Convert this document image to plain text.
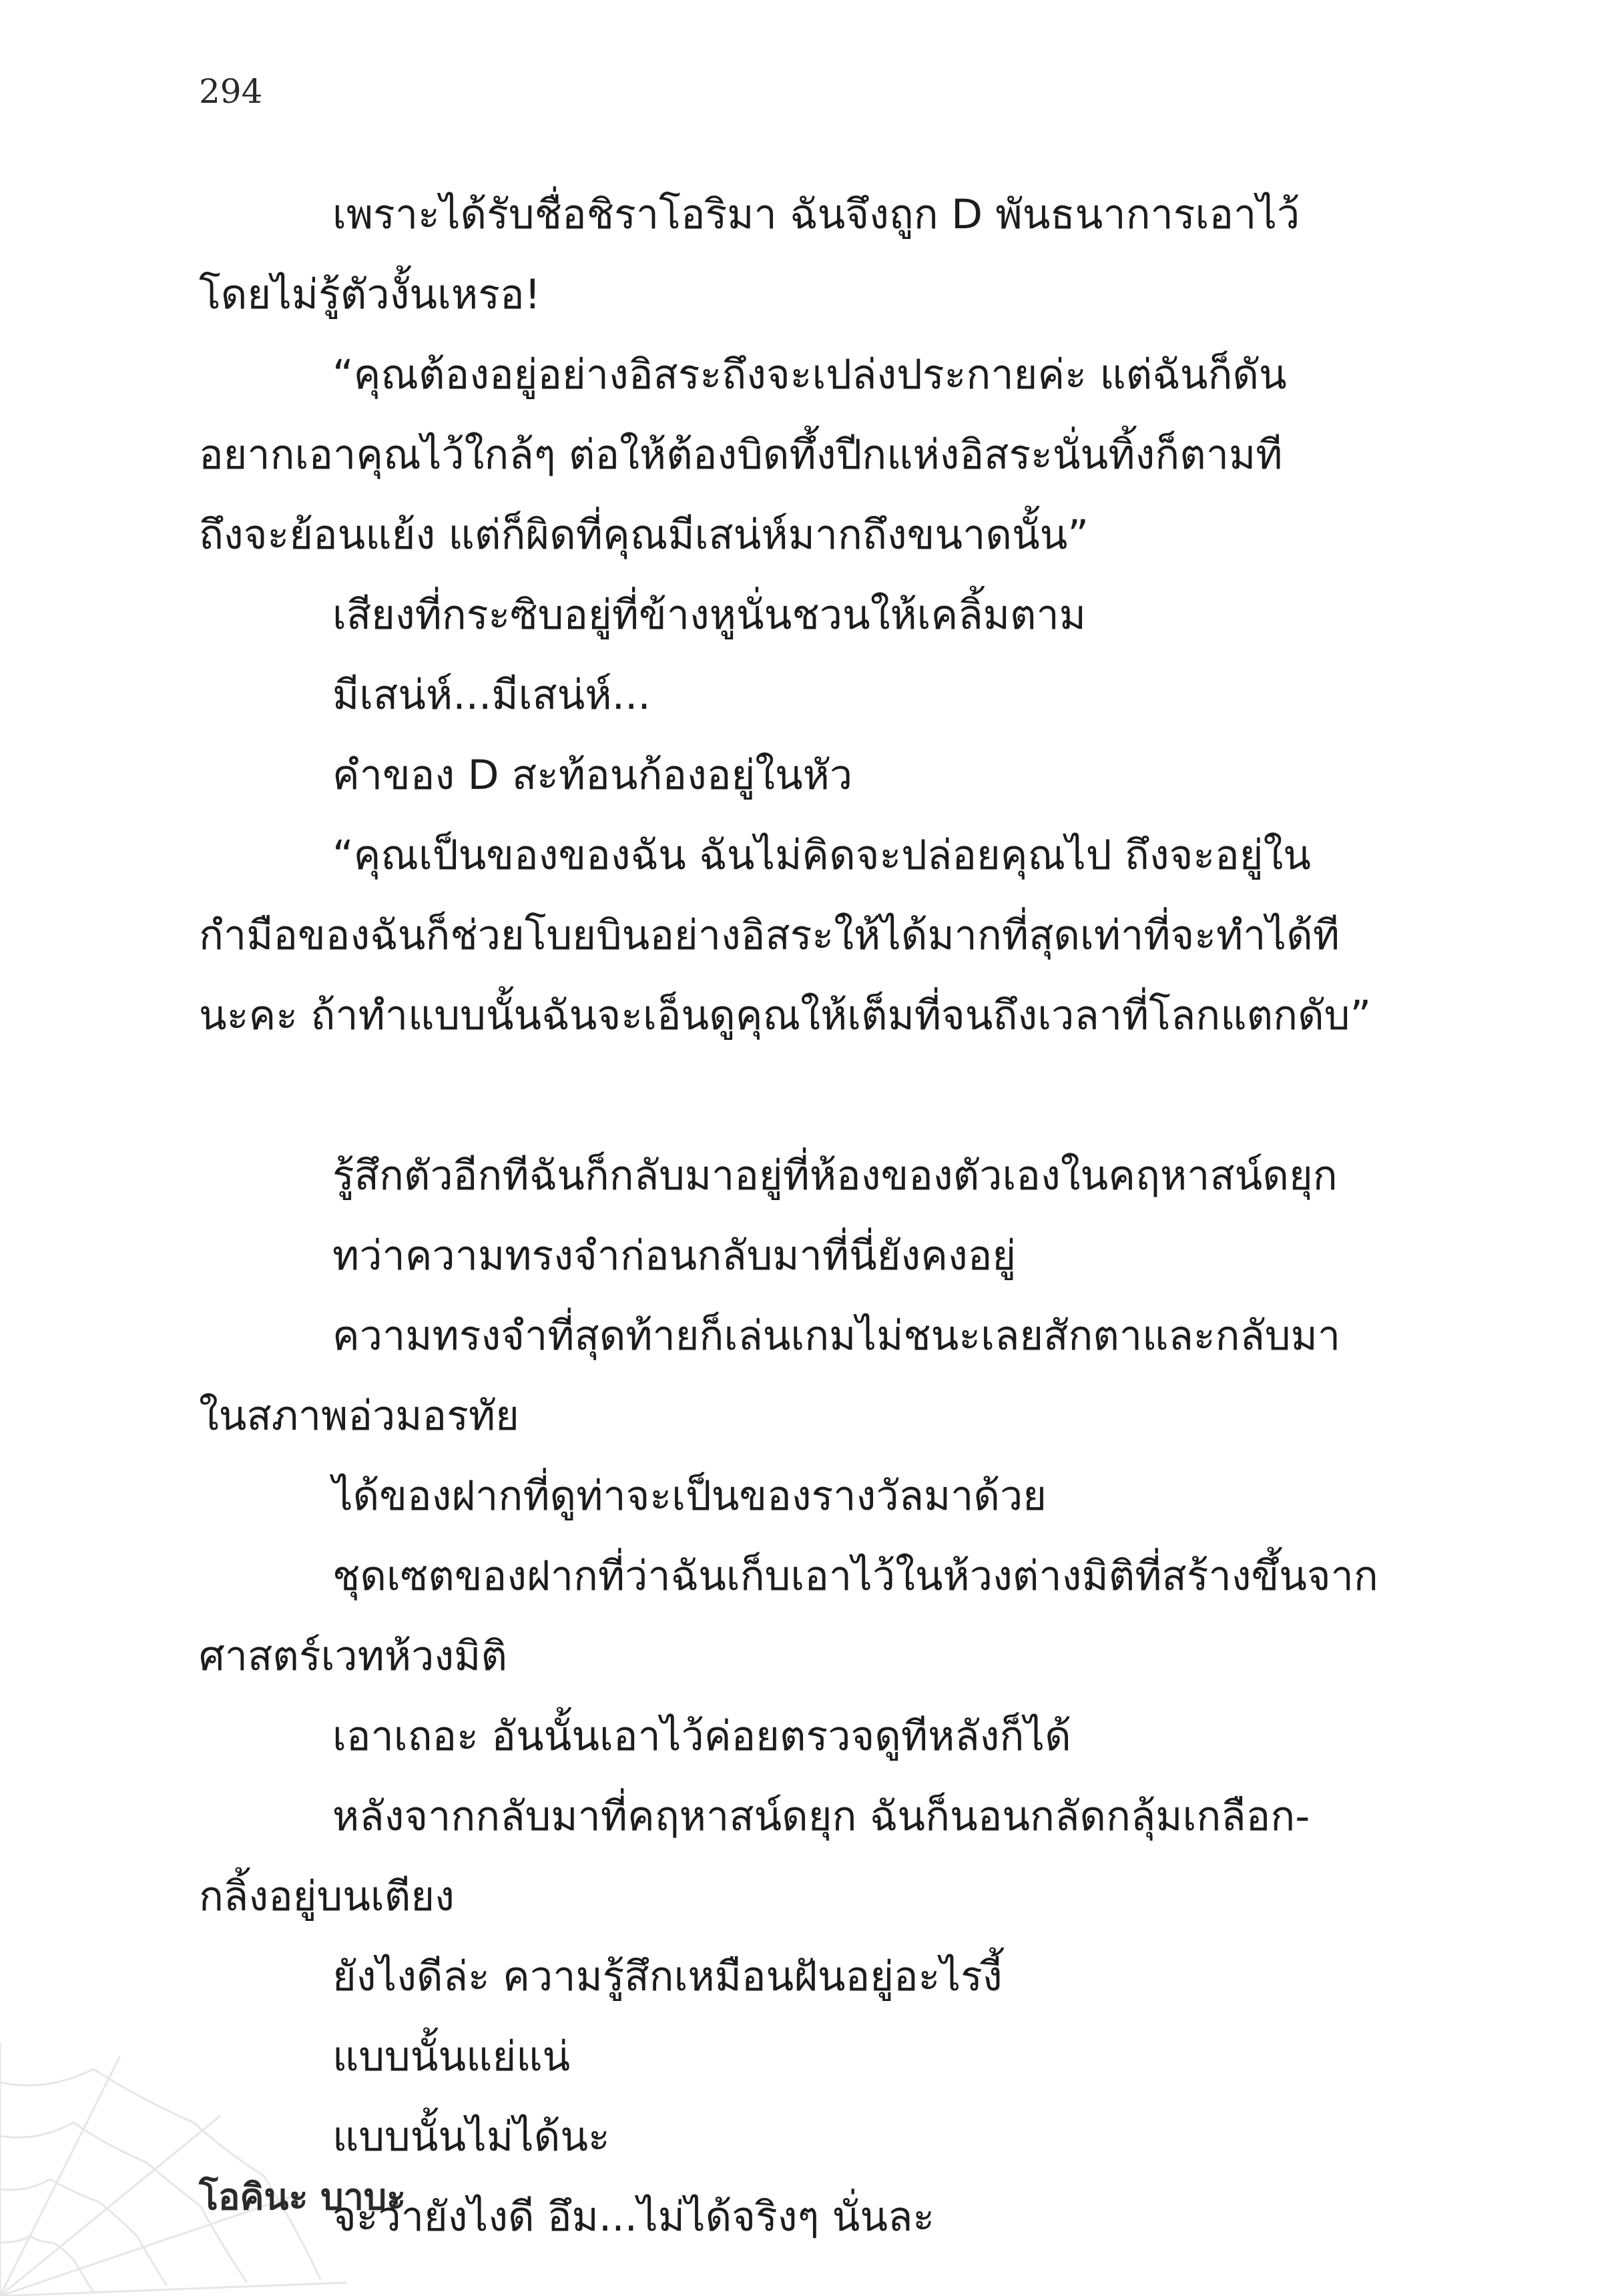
294
เพราะได้รับชื่อชิราโอริมา ฉันจึงถูก D พันธนาการเอาไว้
โดยไม่รู้ตัวงั้นเหรอ!
“คุณต้องอยู่อย่างอิสระถึงจะเปล่งประกายค่ะ แต่ฉันก็ดัน
อยากเอาคุณไว้ใกล้ๆ ต่อให้ต้องบิดทึ้งปีกแห่งอิสระนั่นทิ้งก็ตามที
ถึงจะย้อนแย้ง แต่ก็ผิดที่คุณมีเสน่ห์มากถึงขนาดนั้น”
เสียงที่กระซิบอยู่ที่ข้างหูนั่นชวนให้เคลิ้มตาม
มีเสน่ห์...มีเสน่ห์...
คำของ D สะท้อนก้องอยู่ในหัว
“คุณเป็นของของฉัน ฉันไม่คิดจะปล่อยคุณไป ถึงจะอยู่ใน
กำมือของฉันก็ช่วยโบยบินอย่างอิสระให้ได้มากที่สุดเท่าที่จะทำได้ที
นะคะ ถ้าทำแบบนั้นฉันจะเอ็นดูคุณให้เต็มที่จนถึงเวลาที่โลกแตกดับ”
รู้สึกตัวอีกทีฉันก็กลับมาอยู่ที่ห้องของตัวเองในคฤหาสน์ดยุก
ทว่าความทรงจำก่อนกลับมาที่นี่ยังคงอยู่
ความทรงจำที่สุดท้ายก็เล่นเกมไม่ชนะเลยสักตาและกลับมา
ในสภาพอ่วมอรทัย
ได้ของฝากที่ดูท่าจะเป็นของรางวัลมาด้วย
ชุดเซตของฝากที่ว่าฉันเก็บเอาไว้ในห้วงต่างมิติที่สร้างขึ้นจาก
ศาสตร์เวทห้วงมิติ
เอาเถอะ อันนั้นเอาไว้ค่อยตรวจดูทีหลังก็ได้
หลังจากกลับมาที่คฤหาสน์ดยุก ฉันก็นอนกลัดกลุ้มเกลือก-
กลิ้งอยู่บนเตียง
ยังไงดีล่ะ ความรู้สึกเหมือนฝันอยู่อะไรงี้
แบบนั้นแย่แน่
แบบนั้นไม่ได้นะ
จะว่ายังไงดี อึม...ไม่ได้จริงๆ นั่นละ
โอคินะ บาบะ
